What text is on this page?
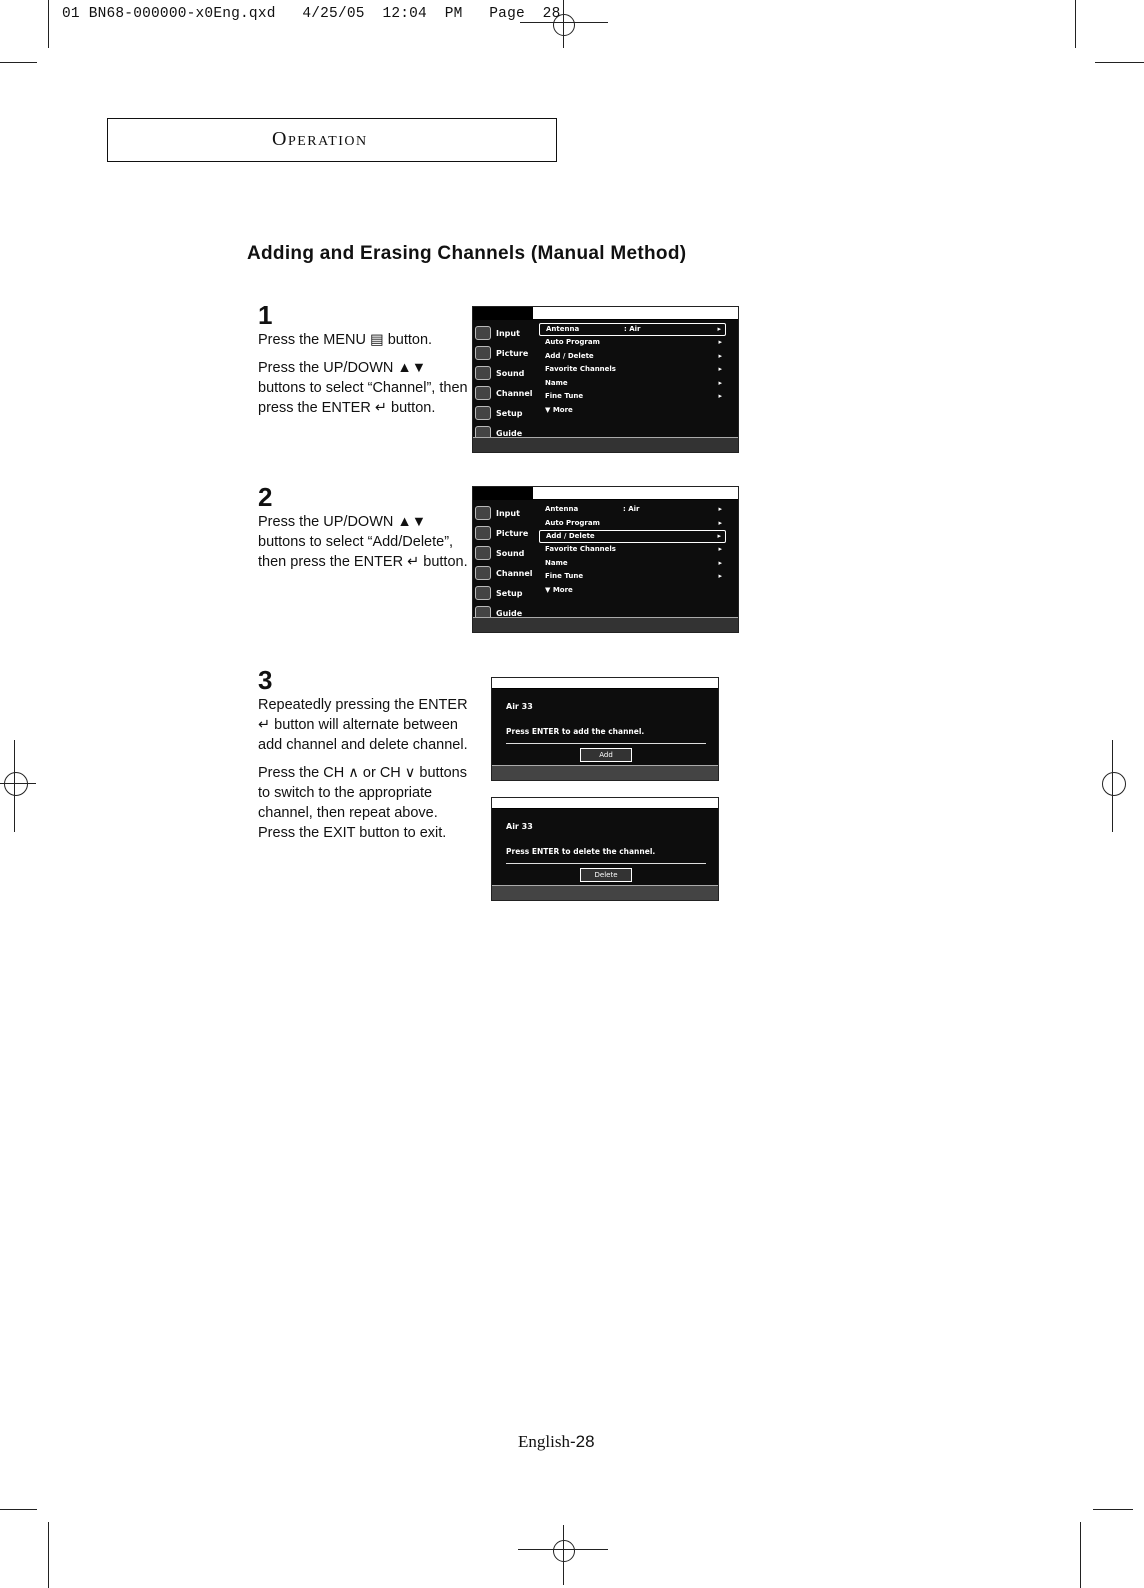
01 BN68-000000-x0Eng.qxd   4/25/05  12:04  PM   Page  28
Operation
Adding and Erasing Channels (Manual Method)
1

Press the MENU ▤ button.

Press the UP/DOWN ▲▼ buttons to select “Channel”, then press the ENTER ↵ button.

2

Press the UP/DOWN ▲▼ buttons to select “Add/Delete”, then press the ENTER ↵ button.

3

Repeatedly pressing the ENTER ↵ button will alternate between add channel and delete channel.

Press the CH ∧ or CH ∨ buttons to switch to the appropriate channel, then repeat above.

Press the EXIT button to exit.

Input
Picture
Sound
Channel
Setup
Guide
Antenna	: Air	▸
Auto Program	▸
Add / Delete	▸
Favorite Channels	▸
Name	▸
Fine Tune	▸
▼ More
Input
Picture
Sound
Channel
Setup
Guide
Antenna	: Air	▸
Auto Program	▸
Add / Delete	▸
Favorite Channels	▸
Name	▸
Fine Tune	▸
▼ More
Air 33
Press ENTER to add the channel.
Add
Air 33
Press ENTER to delete the channel.
Delete
English-28
